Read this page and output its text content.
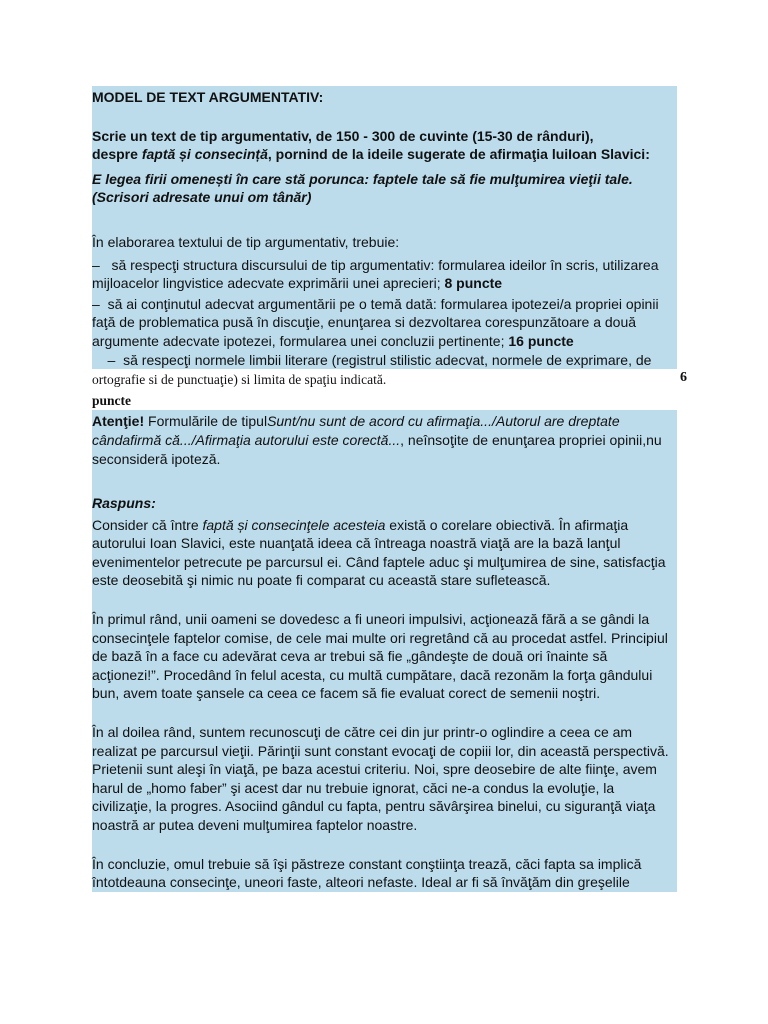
MODEL DE TEXT ARGUMENTATIV:

Scrie un text de tip argumentativ, de 150 - 300 de cuvinte (15-30 de rânduri),

despre faptă și consecință, pornind de la ideile sugerate de afirmaţia luiIoan Slavici:

E legea firii omenești în care stă porunca: faptele tale să fie mulţumirea vieţii tale. (Scrisori adresate unui om tânăr)

În elaborarea textului de tip argumentativ, trebuie:

–   să respecţi structura discursului de tip argumentativ: formularea ideilor în scris, utilizarea mijloacelor lingvistice adecvate exprimării unei aprecieri; 8 puncte

–  să ai conţinutul adecvat argumentării pe o temă dată: formularea ipotezei/a propriei opinii faţă de problematica pusă în discuţie, enunţarea si dezvoltarea corespunzătoare a două argumente adecvate ipotezei, formularea unei concluzii pertinente; 16 puncte

–  să respecţi normele limbii literare (registrul stilistic adecvat, normele de exprimare, de

ortografie si de punctuaţie) si limita de spaţiu indicată.	6

puncte

Atenţie! Formulările de tipulSunt/nu sunt de acord cu afirmaţia.../Autorul are dreptate cândafirmă că.../Afirmaţia autorului este corectă..., neînsoţite de enunţarea propriei opinii,nu seconsideră ipoteză.

Raspuns:

Consider că între faptă și consecinţele acesteia există o corelare obiectivă. În afirmaţia autorului Ioan Slavici, este nuanţată ideea că întreaga noastră viaţă are la bază lanţul evenimentelor petrecute pe parcursul ei. Când faptele aduc şi mulţumirea de sine, satisfacţia este deosebită şi nimic nu poate fi comparat cu această stare sufletească.

În primul rând, unii oameni se dovedesc a fi uneori impulsivi, acţionează fără a se gândi la consecinţele faptelor comise, de cele mai multe ori regretând că au procedat astfel. Principiul de bază în a face cu adevărat ceva ar trebui să fie „gândeşte de două ori înainte să acţionezi!”. Procedând în felul acesta, cu multă cumpătare, dacă rezonăm la forţa gândului bun, avem toate şansele ca ceea ce facem să fie evaluat corect de semenii noştri.

În al doilea rând, suntem recunoscuţi de către cei din jur printr-o oglindire a ceea ce am realizat pe parcursul vieţii. Părinţii sunt constant evocaţi de copiii lor, din această perspectivă. Prietenii sunt aleşi în viaţă, pe baza acestui criteriu. Noi, spre deosebire de alte fiinţe, avem harul de „homo faber” şi acest dar nu trebuie ignorat, căci ne-a condus la evoluţie, la civilizaţie, la progres. Asociind gândul cu fapta, pentru săvârşirea binelui, cu siguranţă viaţa noastră ar putea deveni mulţumirea faptelor noastre.

În concluzie, omul trebuie să îşi păstreze constant conştiinţa trează, căci fapta sa implică întotdeauna consecinţe, uneori faste, alteori nefaste. Ideal ar fi să învăţăm din greşelile
